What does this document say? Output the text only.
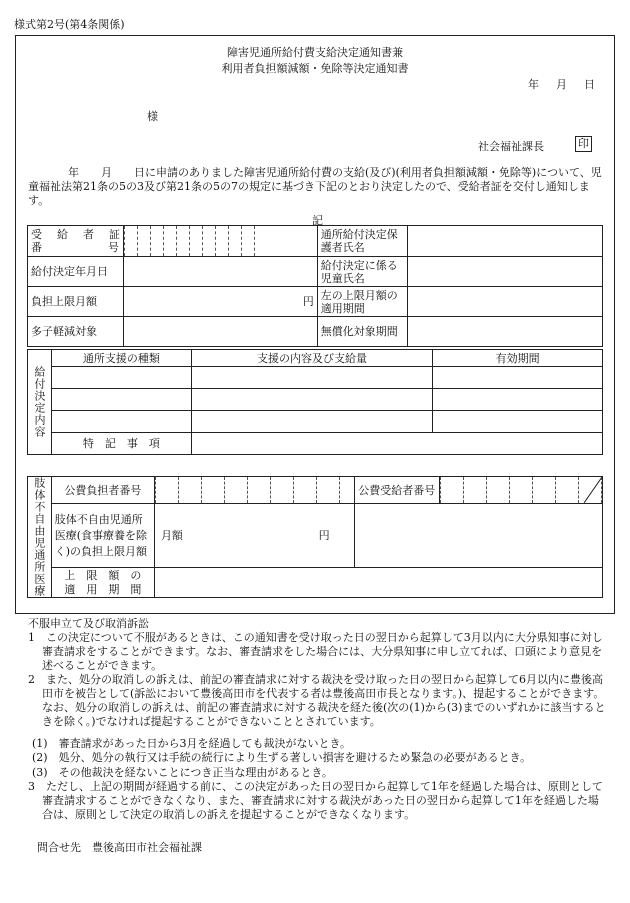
様式第2号(第4条関係)
障害児通所給付費支給決定通知書兼
利用者負担額減額・免除等決定通知書
年　月　日
様
社会福祉課長	印
年　　月　　日に申請のありました障害児通所給付費の支給(及び)(利用者負担額減額・免除等)について、児童福祉法第21条の5の3及び第21条の5の7の規定に基づき下記のとおり決定したので、受給者証を交付し通知します。
記
受　給　者　証　番　　　　　　号		通所給付決定保護者氏名	
給付決定年月日		給付決定に係る児童氏名	
負担上限月額	円	左の上限月額の適用期間	
多子軽減対象		無償化対象期間	
給付決定内容	通所支援の種類	支援の内容及び支給量	有効期間

	特　記　事　項		
肢体不自由児通所医療	公費負担者番号		公費受給者番号	

	肢体不自由児通所医療(食事療養を除く)の負担上限月額	月額 円		

	上　限　額　の　適　用　期　間			
不服申立て及び取消訴訟
1　この決定について不服があるときは、この通知書を受け取った日の翌日から起算して3月以内に大分県知事に対し審査請求をすることができます。なお、審査請求をした場合には、大分県知事に申し立てれば、口頭により意見を述べることができます。
2　また、処分の取消しの訴えは、前記の審査請求に対する裁決を受け取った日の翌日から起算して6月以内に豊後高田市を被告として(訴訟において豊後高田市を代表する者は豊後高田市長となります。)、提起することができます。なお、処分の取消しの訴えは、前記の審査請求に対する裁決を経た後(次の(1)から(3)までのいずれかに該当するときを除く。)でなければ提起することができないこととされています。
(1)　審査請求があった日から3月を経過しても裁決がないとき。
(2)　処分、処分の執行又は手続の続行により生ずる著しい損害を避けるため緊急の必要があるとき。
(3)　その他裁決を経ないことにつき正当な理由があるとき。
3　ただし、上記の期間が経過する前に、この決定があった日の翌日から起算して1年を経過した場合は、原則として審査請求することができなくなり、また、審査請求に対する裁決があった日の翌日から起算して1年を経過した場合は、原則として決定の取消しの訴えを提起することができなくなります。
問合せ先　豊後高田市社会福祉課
